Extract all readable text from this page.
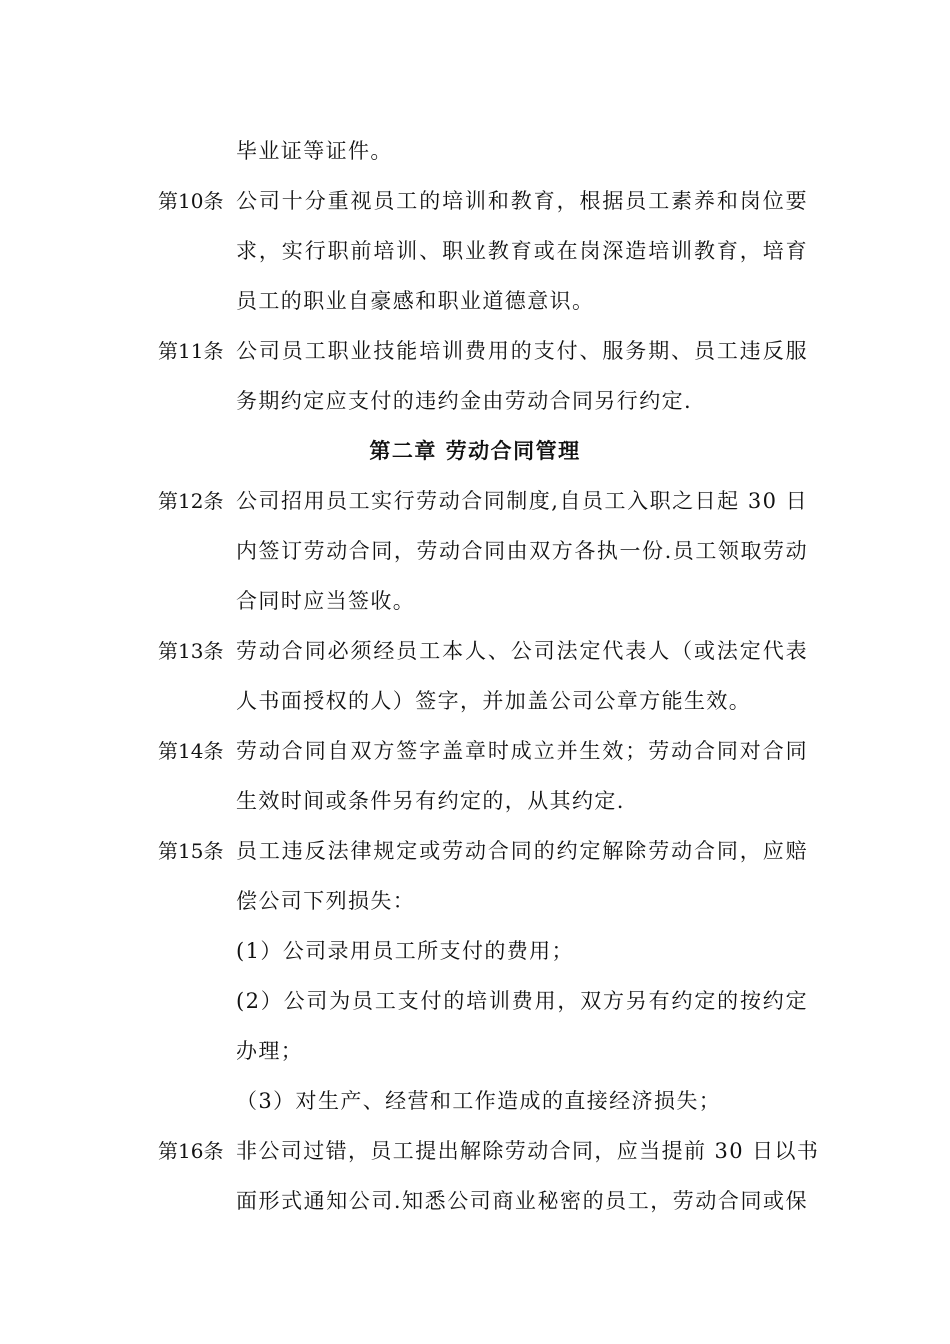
毕业证等证件。
第10条 公司十分重视员工的培训和教育，根据员工素养和岗位要
求，实行职前培训、职业教育或在岗深造培训教育，培育
员工的职业自豪感和职业道德意识。
第11条 公司员工职业技能培训费用的支付、服务期、员工违反服
务期约定应支付的违约金由劳动合同另行约定.
第二章 劳动合同管理
第12条 公司招用员工实行劳动合同制度,自员工入职之日起 30 日
内签订劳动合同，劳动合同由双方各执一份.员工领取劳动
合同时应当签收。
第13条 劳动合同必须经员工本人、公司法定代表人（或法定代表
人书面授权的人）签字，并加盖公司公章方能生效。
第14条 劳动合同自双方签字盖章时成立并生效；劳动合同对合同
生效时间或条件另有约定的，从其约定.
第15条 员工违反法律规定或劳动合同的约定解除劳动合同，应赔
偿公司下列损失：
(1）公司录用员工所支付的费用；
(2）公司为员工支付的培训费用，双方另有约定的按约定
办理；
（3）对生产、经营和工作造成的直接经济损失；
第16条 非公司过错，员工提出解除劳动合同，应当提前 30 日以书
面形式通知公司.知悉公司商业秘密的员工，劳动合同或保
